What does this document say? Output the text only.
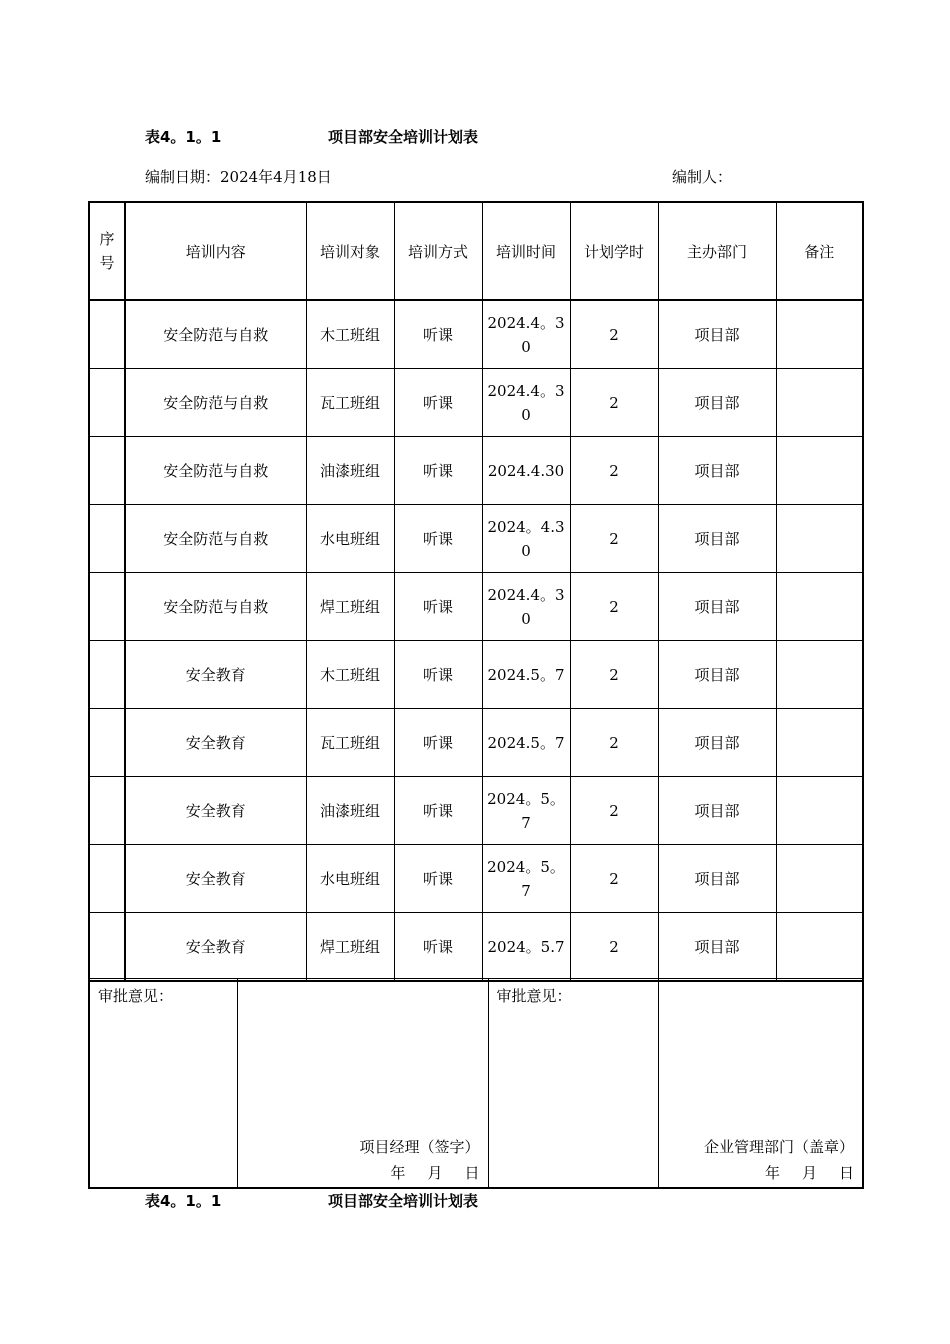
表4。1。1	项目部安全培训计划表
编制日期：2024年4月18日	编制人：
序号	培训内容	培训对象	培训方式	培训时间	计划学时	主办部门	备注
	安全防范与自救	木工班组	听课	2024.4。30	2	项目部	
	安全防范与自救	瓦工班组	听课	2024.4。30	2	项目部	
	安全防范与自救	油漆班组	听课	2024.4.30	2	项目部	
	安全防范与自救	水电班组	听课	2024。4.30	2	项目部	
	安全防范与自救	焊工班组	听课	2024.4。30	2	项目部	
	安全教育	木工班组	听课	2024.5。7	2	项目部	
	安全教育	瓦工班组	听课	2024.5。7	2	项目部	
	安全教育	油漆班组	听课	2024。5。7	2	项目部	
	安全教育	水电班组	听课	2024。5。7	2	项目部	
	安全教育	焊工班组	听课	2024。5.7	2	项目部	
审批意见：

项目经理（签字）
年 月 日

审批意见：

企业管理部门（盖章）
年 月 日
表4。1。1	项目部安全培训计划表
